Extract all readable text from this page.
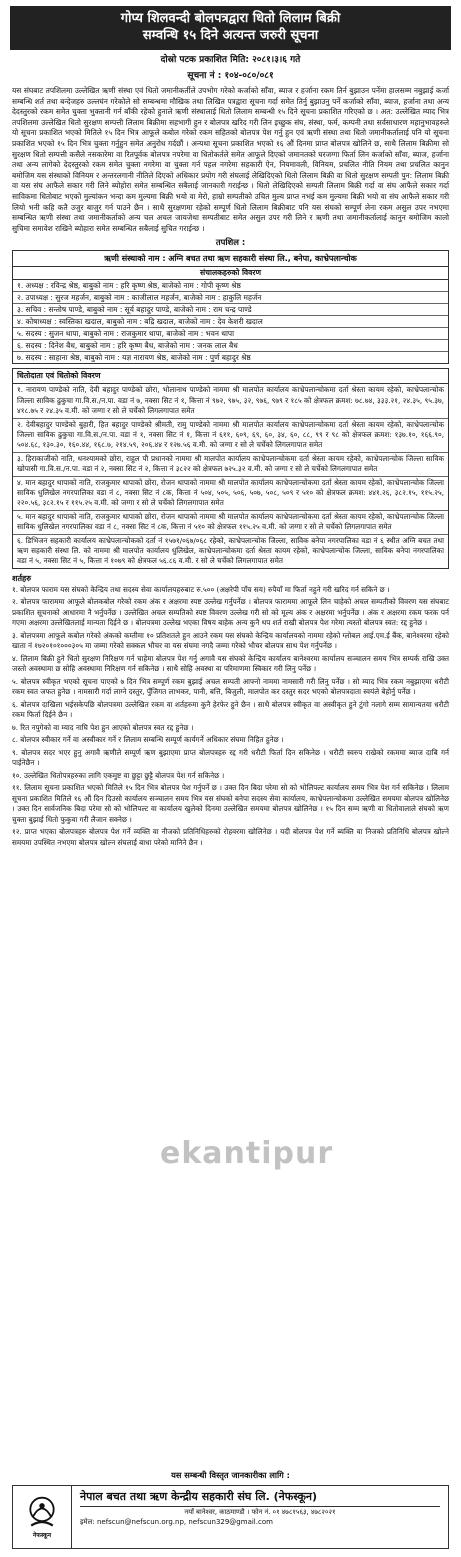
गोप्य शिलवन्दी बोलपत्रद्वारा धितो लिलाम बिक्री
सम्वन्धि १५ दिने अत्यन्त जरुरी सूचना
दोस्रो पटक प्रकाशित मिति: २०८१।३।६ गते
सूचना नं : १०४-०८०/०८१
यस संघबाट तपशिलमा उल्लेखित ऋणी संस्था एवं धितो जमानीकर्तीले उपभोग गरेको कर्जाको साँवा, ब्याज र हर्जाना रकम तिर्न बुझाउन पर्नेमा हालसम्म नबुझाई कर्जा सम्बन्धि शर्त तथा बन्देजहरु उल्लघंन गरेकोले सो सम्बन्धमा मौखिक तथा लिखित पत्रद्वारा सूचना गर्दा समेत तिर्नु बुझाउनु पर्ने कर्जाको साँवा, ब्याज, हर्जाना तथा अन्य देदस्तुरको रकम समेत चुक्ता भुक्तानी गर्न बाँकी रहेको हुनाले ऋणी संस्थालाई धितो लिलाम सम्बन्धी १५ दिने सूचना प्रकाशित गरिएको छ । अत: उल्लेखित म्याद भित्र तपशिलमा उल्लेखित धितो सुरक्षण सम्पत्ती लिलाम बिक्रीमा सहभागी हुन र बोलपत्र खरिद गरी लिन इच्छुक संघ, संस्था, फर्म, कम्पनी तथा सर्वसाधारण महानुभावहरुले यो सूचना प्रकाशित भएको मितिले १५ दिन भित्र आफूले कबोल गरेको रकम सहितको बोलपत्र पेश गर्नु हुन एवं ऋणी संस्था तथा धितो जमानीकर्तालाई पनि यो सूचना प्रकाशित भएको १५ दिन भित्र चुक्ता गर्नुहुन समेत अनुरोध गर्दछौं । अन्यथा सूचना प्रकाशित भएको १६ औं दिनमा प्राप्त बोलपत्र खोलिने छ, साथै लिलाम बिक्रीमा सो सुरक्षण धितो सम्पत्ती कसैले नसकारेमा वा रितपूर्वक बोलपत्र नपरेमा वा धितोकर्तले समेत आफूले दिएको जमानतको घरजग्गा फिर्ता लिन कर्जाको साँवा, ब्याज, हर्जाना तथा अन्य लागेको देदस्तुरको रकम समेत चुक्ता नगरेमा वा चुक्ता गर्न पहल नगरेमा सहकारी ऐन, नियमावली, विनियम, प्रचलित नीति नियम तथा प्रचलित कानुन बमोजिम यस संस्थाको विनियम र अन्तरलगानी नीतिले दिएको अधिकार प्रयोग गरी संघलाई लेखिदिएको धितो लिलाम बिक्री वा धितो सुरक्षण सम्पती पुन: लिलाम बिक्री वा यस संघ आफैले सकार गरी लिने ब्योहोरा समेत सम्बन्धित सबैलाई जानकारी गराईन्छ । धितो लेखिदिएको सम्पती लिलाम बिक्री गर्दा वा संघ आफैले सकार गर्दा साविकमा धितोबाट भएको मुल्यांकन भन्दा कम मुल्यमा बिक्री भयो वा मेरो, हाम्रो सम्पतीको उचित मुल्य प्राप्त नभई कम मुल्यमा बिक्री भयो वा संघ आफैले सकार गरी लियो भनी कहि कतै उजुर बाजुर गर्न पाउने छैन । साथै सुरक्षणमा रहेको सम्पूर्ण धितो लिलाम बिक्रीबाट पनि यस संघको सम्पूर्ण लेना रकम असुल उपर नभएमा सम्बन्धित ऋणी संस्था तथा जमानीकर्ताको अन्य चल अचल जायजेथा सम्पतीबाट समेत असुल उपर गरी लिने र ऋणी तथा जमानीकर्तालाई कानुन बमोजिम कालो सुचिमा समावेश राखिने ब्योहारा समेत सम्बन्धित सबैलाई सुचित गराईन्छ ।
तपशिल :
ऋणी संस्थाको नाम : अग्नि बचत तथा ऋण सहकारी संस्था लि., बनेपा, काभ्रेपलान्चोक
संचालकहरुको विवरण
१. अध्यक्ष : रविन्द्र श्रेष्ठ, बाबुको नाम : हरि कृष्ण श्रेष्ठ, बाजेको नाम : गोपी कृष्ण श्रेष्ठ
२. उपाध्यक्ष : सुरज महर्जन, बाबुको नाम : काजीलाल महर्जन, बाजेको नाम : हाकुलि महर्जन
३. सचिव : सन्तोष पाण्डे, बाबुको नाम : सूर्य बहादुर पाण्डे, बाजेको नाम : राम चन्द्र पाण्डे
४. कोषाध्यक्ष : स्वस्तिका खदाल, बाबुको नाम : बद्रि खदाल, बाजेको नाम : देव केशरी खदाल
५. सदस्य : सुजन थापा, बाबुको नाम : राजकुमार थापा, बाजेको नाम : भवन थापा
६. सदस्य : दिनेश बैध, बाबुको नाम : हरि कृष्ण बैध, बाजेको नाम : जनक लाल बैध
७. सदस्य : साहाना श्रेष्ठ, बाबुको नाम : यज्ञ नारायण श्रेष्ठ, बाजेको नाम : पुर्ण बहादुर श्रेष्ठ
धितोदाता एवं धितोको विवरण
१. नारायण पाण्डेको नाति, देवी बहादुर पाण्डेको छोरा, भोलानाथ पाण्डेको नाममा श्री मालपोत कार्यालय काभ्रेपलान्चोकमा दर्ता श्रेस्ता कायम रहेको, काभ्रेपलान्चोक जिल्ला साविक ढुकुचा गा.वि.स./न.पा. वडा नं ७, नक्सा सिट नं १, कित्ता नं ९७२, ९७५, ३२, ९७६, ९७९ र १८५ को क्षेत्रफल क्रमश: ७८.७४, ३३३.२१, २४.३५, ९५.३७, ४१८.७५ र २४.३५ व.मी. को जग्गा र सो ले चर्चेको लिगलगापात समेत
२. देवीबहादुर पाण्डेको बुहारी, हित बहादुर पाण्डेको श्रीमती, रामु पाण्डेको नाममा श्री मालपोत कार्यालय काभ्रेपलान्चोकमा दर्ता श्रेस्ता कायम रहेको, काभ्रेपलान्चोक जिल्ला साविक ढुकुचा गा.वि.स./न.पा. वडा नं १, नक्सा सिट नं १, कित्ता नं ६११, ६०९, ६९, ६०, ३४, ६०, ८८, ९९ र ९८ को क्षेत्रफल क्रमश: १३७.१०, १६६.९०, ५०४.६८, १३०.३०, १६०.४४, १६८.७, २१४.५९, २०६.४४ र १२७.५६ व.मी. को जग्गा र सो ले चर्चेको लिगलगापात समेत
३. हिराकाजीको नाति, धनश्यामको छोरा, राहुल पौ प्रधानको नाममा श्री मालपोत कार्यालय काभ्रेपलान्चोकमा दर्ता श्रेस्ता कायम रहेको, काभ्रेपलान्चोक जिल्ला साविक खोपासी गा.वि.स./न.पा. वडा नं २, नक्सा सिट नं २, कित्ता नं ३८२२ को क्षेत्रफल ७२५.३२ व.मी. को जग्गा र सो ले चर्चेको लिगलगापात समेत
४. मान बहादुर थापाको नाति, राजकुमार थापाको छोरा, रोजन थापाको नाममा श्री मालपोत कार्यालय काभ्रेपलान्चोकमा दर्ता श्रेस्ता कायम रहेको, काभ्रेपलान्चोक जिल्ला साविक धुलिखेल नगरपालिका वडा नं ८, नक्सा सिट नं ८क, कित्ता नं ५०४, ५०५, ५०६, ५०७, ५०८, ५०९ र ५१० को क्षेत्रफल क्रमश: ४४१.२६, ३८२.१५, ११५.२५, २२०.५६, ३८२.१५ र ११५.२५ व.मी. को जग्गा र सो ले चर्चेको लिगलगापात समेत
५. मान बहादुर थापाको नाति, राजकुमार थापाको छोरा, रोजन थापाको नाममा श्री मालपोत कार्यालय काभ्रेपलान्चोकमा दर्ता श्रेस्ता कायम रहेको, काभ्रेपलान्चोक जिल्ला साविक धुलिखेल नगरपालिका वडा नं ८, नक्सा सिट नं ८क, कित्ता नं ५१० को क्षेत्रफल ११५.२५ व.मी. को जग्गा र सो ले चर्चेको लिगलगापात समेत
६. डिभिजन सहकारी कार्यालय काभ्रेपलान्चोकको दर्ता नं १५७१/०६७/०६८ रहेको, काभ्रेपलान्चोक जिल्ला, साविक बनेपा नगरपालिका वडा नं ६ स्थीत अग्नि बचत तथा ऋण सहकारी संस्था लि. को नाममा श्री मालपोत कार्यालय धुलिखेल, काभ्रेपलान्चोकमा दर्ता श्रेस्ता कायम रहेको, काभ्रेपलान्चोक जिल्ला, साविक बनेपा नगरपालिका वडा नं ५, नक्सा सिट नं ५, कित्ता नं १०७९ को क्षेत्रफल ५६.८६ व.मी. र सो ले चर्चेको लिगलगापात समेत
शर्तहरु
१. बोलपत्र फाराम यस संघको केन्द्रिय तथा सदस्य सेवा कार्यालयहरुबाट रु.५०० (अक्षरेपी पाँच सय) रुपैयाँ मा फिर्ता नहुने गरी खरिद गर्न सकिने छ ।
२. बोलपत्र फाराममा आफूले बोलकबोल गरेको रकम अंक र अक्षरमा स्पष्ट उल्लेख गर्नुपर्नेछ । बोलपत्र फाराममा आफूले लिन चाहेको अचल सम्पतीको विवरण यस संघबाट प्रकाशित सूचनाको आधारमा नै भर्नुपर्नेछ । उल्लेखित अचल सम्पतिको स्पष्ट विवरण उल्लेख गरी सो को मूल्य अंक र अक्षरमा भर्नुपर्नेछ । अंक र अक्षरमा रकम फरक पर्न गएमा अक्षरमा उल्लेखितलाई मान्यता दिईने छ । बोलपत्रमा उल्लेख भएका विषय बाहेक अन्य कुनै थप शर्त राखी बोलपत्र पेश गरेमा त्यस्तो बोलपत्र स्वत: रद्द हुनेछ ।
३. बोलपत्रमा आफूले कबोल गरेको अंकको कम्तीमा १० प्रतिशतले हुन आउने रकम यस संघको केन्द्रिय कार्यालयको नाममा रहेको ग्लोबल आई.एम.ई बैंक, बानेश्वरमा रहेको खाता नं १७२०१०१०००३०५ मा जम्मा गरेको सक्कल भौचर वा यस संघमा नगदै जम्मा गरेको भौचर बोलपत्र साथ पेश गर्नुपर्नेछ ।
४. लिलाम बिक्री हुने धितो सुरक्षण निरिक्षण गर्न चाहेमा बोलपत्र पेश गर्नु अगावै यस संघको केन्द्रिय कार्यालय बानेश्वरमा कार्यालय सञ्चालन समय भित्र सम्पर्क राखि उक्त जस्तो अवस्थामा छ सोहि अवस्थामा निरिक्षण गर्न सकिनेछ । साथै सोहि अवस्था वा परिमाणमा स्विकार गरी लिनु पर्नेछ ।
५. बोलपत्र स्वीकृत भएको सूचना पाएको ७ दिन भित्र सम्पूर्ण रकम बुझाई अचल सम्पती आफ्नो नाममा नामसारी गरी लिनु पर्नेछ । सो म्याद भित्र रकम नबुझाएमा धरौटी रकम स्वत जफत हुनेछ । नामसारी गर्दा लाग्ने दस्तुर, पुँजिगत लाभकर, पानी, बत्ति, बिजुली, मालपोत कर दस्तुर सदर भएको बोलपत्रदाता स्वयंले बेहोर्नु पर्नेछ ।
६. बोलपत्र दाखिला भईसकेपछि बोलपत्रमा उल्लेखित रकम वा शर्तहरुमा कुनै हेरफेर हुने छैन । साथै बोलपत्र स्वीकृत वा अस्वीकृत हुने टुंगो नलागे सम्म सामान्यतया धरौटी रकम फिर्ता दिईने छैन ।
७. रित नपुगेको वा म्याद नाघि पेश हुन आएको बोलपत्र स्वत रद्द हुनेछ ।
८. बोलपत्र स्वीकार गर्ने वा अस्वीकार गर्ने र लिलाम सम्बन्धि सम्पूर्ण कार्यगर्ने अधिकार संघमा निहित हुनेछ ।
९. बोलपत्र सदर भएर हुनु अगावै ऋणीले सम्पूर्ण ऋण बुझाएमा प्राप्त बोलपत्रहरु रद्द गरी धरौटी फिर्ता दिन सकिनेछ । धरौटी स्वरुप राखेको रकममा ब्याज दाबि गर्न पाईनेछैन ।
१०. उल्लेखित धितोपत्रहरुका लागि एकमुष्ट वा छुट्टा छुट्टै बोलपत्र पेश गर्न सकिनेछ ।
११. लिलाम सूचना प्रकाशित भएको मितिले १५ दिन भित्र बोलपत्र पेश गर्नुपर्ने छ । उक्त दिन बिदा परेमा सो को भोलिपल्ट कार्यालय समय भित्र पेश गर्न सकिनेछ । लिलाम सूचना प्रकाशित मितिले १६ औं दिन दिउसो कार्यालय सञ्चालन समय भित्र यस संघको बनेपा सदस्य सेवा कार्यालय, काभ्रेपलान्चोकमा उल्लेखित समयमा बोलपत्र खोलिनेछ । उक्त दिन सार्वजनिक बिदा परेमा सो को भोलिपल्ट वा कार्यालय खुलेको दिनमा उल्लेखित समयमा बोलपत्र खोलिनेछ । १५ दिन सम्म ऋणी वा धितोवालाले संघको ऋण चुक्ता बुझाई धितो फुकुवा गरी लैजान सक्नेछ ।
१२. प्राप्त भएका बोलपत्रहरु बोलपत्र पेश गर्ने व्यक्ति वा नीजको प्रतिनिधिहरुको रोहवरमा खोलिनेछ । यदी बोलपत्र पेश गर्ने ब्यक्ति वा निजको प्रतिनिधि बोलपत्र खोल्ने समयमा उपस्थित नभएमा बोलपत्र खोल्न संघलाई बाधा परेको मानिने छैन ।
ekantipur
यस सम्बन्धी विस्तृत जानकारीका लागि :
नेफस्कून
नेपाल बचत तथा ऋण केन्द्रीय सहकारी संघ लि. (नेफस्कून)
नयाँ बानेश्वर, काठमाण्डौ । फोन नं. ०१ ४७८१५६३, ४७८२०२१
इमेल: nefscun@nefscun.org.np, nefscun329@gmail.com
